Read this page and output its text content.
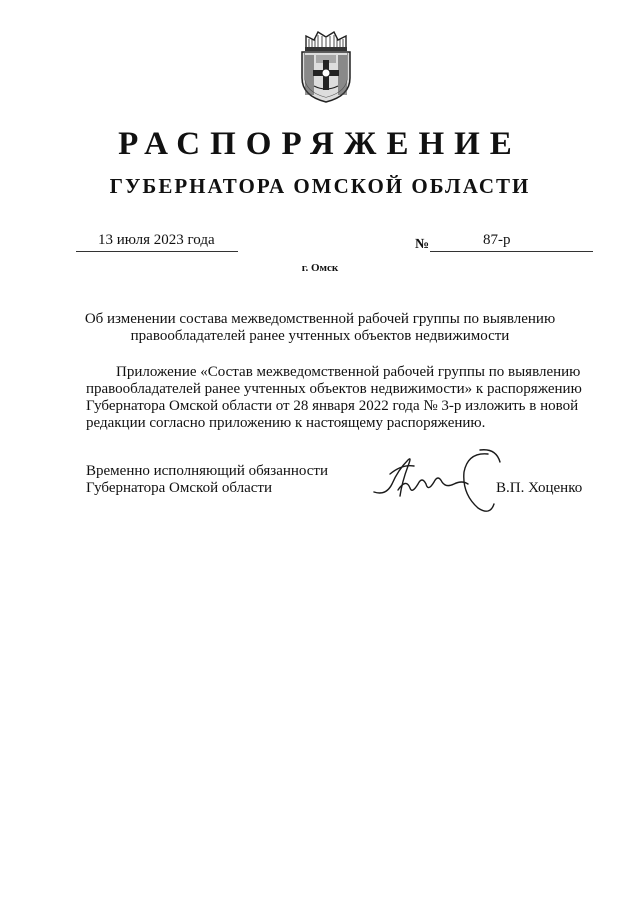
РАСПОРЯЖЕНИЕ
ГУБЕРНАТОРА ОМСКОЙ ОБЛАСТИ
13 июля 2023 года	№	87-р
г. Омск
Об изменении состава межведомственной рабочей группы по выявлению
правообладателей ранее учтенных объектов недвижимости
Приложение «Состав межведомственной рабочей группы по выявлению
правообладателей ранее учтенных объектов недвижимости» к распоряжению
Губернатора Омской области от 28 января 2022 года № 3-р изложить в новой
редакции согласно приложению к настоящему распоряжению.
Временно исполняющий обязанности
Губернатора Омской области	В.П. Хоценко
